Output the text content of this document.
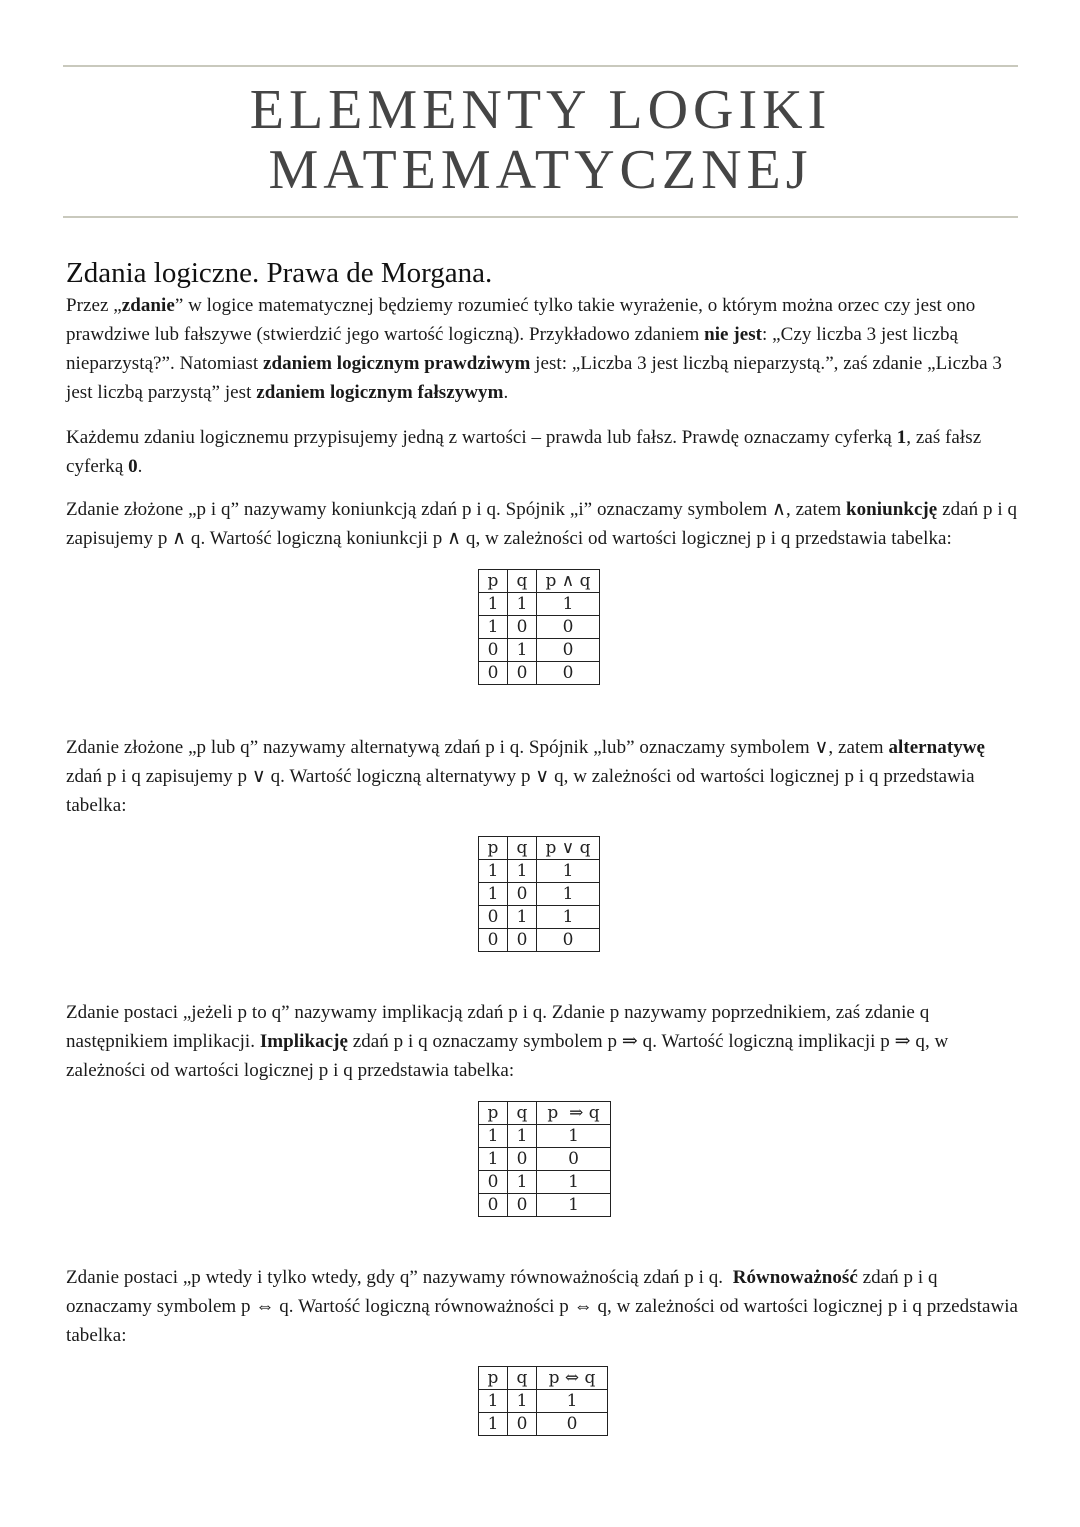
ELEMENTY LOGIKI
MATEMATYCZNEJ
Zdania logiczne. Prawa de Morgana.

Przez „zdanie” w logice matematycznej będziemy rozumieć tylko takie wyrażenie, o którym można orzec czy jest ono prawdziwe lub fałszywe (stwierdzić jego wartość logiczną). Przykładowo zdaniem nie jest: „Czy liczba 3 jest liczbą nieparzystą?”. Natomiast zdaniem logicznym prawdziwym jest: „Liczba 3 jest liczbą nieparzystą.”, zaś zdanie „Liczba 3 jest liczbą parzystą” jest zdaniem logicznym fałszywym.

Każdemu zdaniu logicznemu przypisujemy jedną z wartości – prawda lub fałsz. Prawdę oznaczamy cyferką 1, zaś fałsz cyferką 0.

Zdanie złożone „p i q” nazywamy koniunkcją zdań p i q. Spójnik „i” oznaczamy symbolem ∧, zatem koniunkcję zdań p i q zapisujemy p ∧ q. Wartość logiczną koniunkcji p ∧ q, w zależności od wartości logicznej p i q przedstawia tabelka:

p	q	p ∧ q
1	1	1
1	0	0
0	1	0
0	0	0

Zdanie złożone „p lub q” nazywamy alternatywą zdań p i q. Spójnik „lub” oznaczamy symbolem ∨, zatem alternatywę zdań p i q zapisujemy p ∨ q. Wartość logiczną alternatywy p ∨ q, w zależności od wartości logicznej p i q przedstawia tabelka:

p	q	p ∨ q
1	1	1
1	0	1
0	1	1
0	0	0

Zdanie postaci „jeżeli p to q” nazywamy implikacją zdań p i q. Zdanie p nazywamy poprzednikiem, zaś zdanie q następnikiem implikacji. Implikację zdań p i q oznaczamy symbolem p ⇒ q. Wartość logiczną implikacji p ⇒ q, w zależności od wartości logicznej p i q przedstawia tabelka:

p	q	p  ⇒ q
1	1	1
1	0	0
0	1	1
0	0	1

Zdanie postaci „p wtedy i tylko wtedy, gdy q” nazywamy równoważnością zdań p i q.  Równoważność zdań p i q oznaczamy symbolem p ⇔ q. Wartość logiczną równoważności p ⇔ q, w zależności od wartości logicznej p i q przedstawia tabelka:

p	q	p ⇔ q
1	1	1
1	0	0
